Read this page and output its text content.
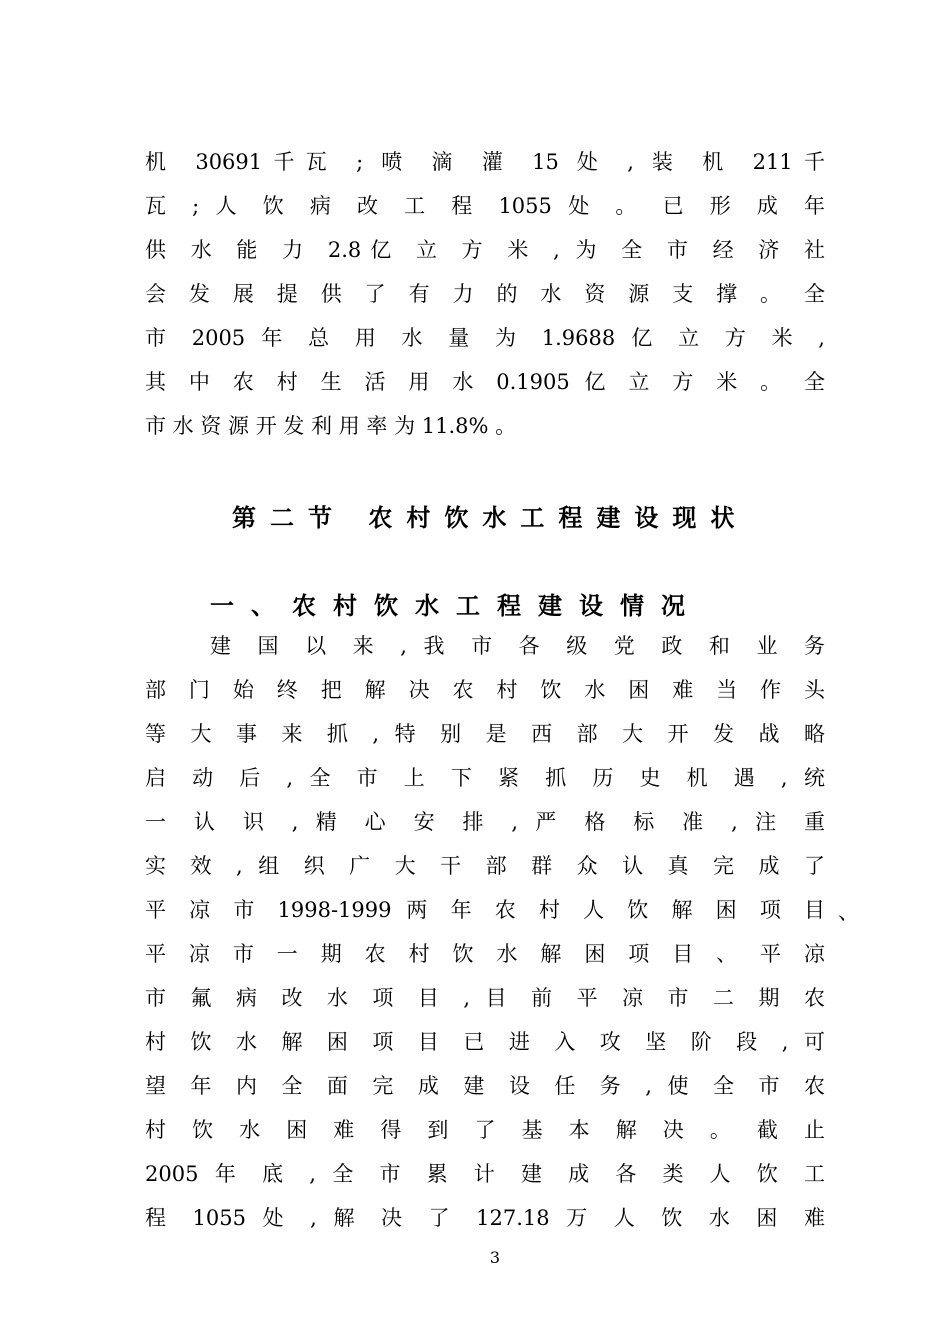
机 30691千瓦 ; 喷 滴 灌 15 处 , 装 机 211千
瓦 ; 人 饮 病 改 工 程 1055 处 。 已 形 成 年
供 水 能 力 2.8亿 立 方 米 , 为 全 市 经 济 社
会 发 展 提 供 了 有 力 的 水 资 源 支 撑 。 全
市 2005 年 总 用 水 量 为 1.9688 亿 立 方 米 ,
其 中 农 村 生 活 用 水 0.1905 亿 立 方 米 。 全
市 水 资 源 开 发 利 用 率 为 11.8% 。
第二节 农村饮水工程建设现状
一、农村饮水工程建设情况
建 国 以 来 , 我 市 各 级 党 政 和 业 务
部 门 始 终 把 解 决 农 村 饮 水 困 难 当 作 头
等 大 事 来 抓 , 特 别 是 西 部 大 开 发 战 略
启 动 后 , 全 市 上 下 紧 抓 历 史 机 遇 , 统
一 认 识 , 精 心 安 排 , 严 格 标 准 , 注 重
实 效 , 组 织 广 大 干 部 群 众 认 真 完 成 了
平 凉 市 1998-1999 两 年 农 村 人 饮 解 困 项 目
平 凉 市 一 期 农 村 饮 水 解 困 项 目 、 平 凉
市 氟 病 改 水 项 目 , 目 前 平 凉 市 二 期 农
村 饮 水 解 困 项 目 已 进 入 攻 坚 阶 段 , 可
望 年 内 全 面 完 成 建 设 任 务 , 使 全 市 农
村 饮 水 困 难 得 到 了 基 本 解 决 。 截 止
2005 年 底 , 全 市 累 计 建 成 各 类 人 饮 工
程 1055 处 , 解 决 了 127.18 万 人 饮 水 困 难
、
3
